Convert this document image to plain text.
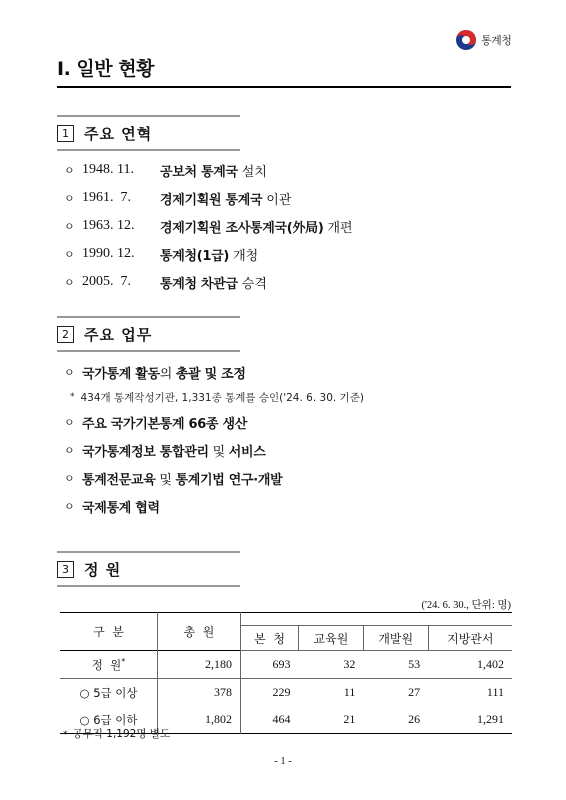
통계청
Ⅰ. 일반 현황
1	주요 연혁
ㅇ 1948. 11.	공보처 통계국 설치
ㅇ 1961.  7.	경제기획원 통계국 이관
ㅇ 1963. 12.	경제기획원 조사통계국(外局) 개편
ㅇ 1990. 12.	통계청(1급) 개청
ㅇ 2005.  7.	통계청 차관급 승격
2	주요 업무
ㅇ 국가통계 활동 의 총괄 및 조정
* 434개 통계작성기관, 1,331종 통계를 승인('24. 6. 30. 기준)
ㅇ 주요 국가기본통계 66종 생산
ㅇ 국가통계정보 통합관리 및 서비스
ㅇ 통계전문교육 및 통계기법 연구·개발
ㅇ 국제통계 협력
3	정 원
('24. 6. 30., 단위: 명)
구  분	총  원				
		본  청	교육원	개발원	지방관서
정  원*	2,180	693	32	53	1,402
○ 5급 이상	378	229	11	27	111
○ 6급 이하	1,802	464	21	26	1,291
* 공무직 1,192명 별도
- 1 -
